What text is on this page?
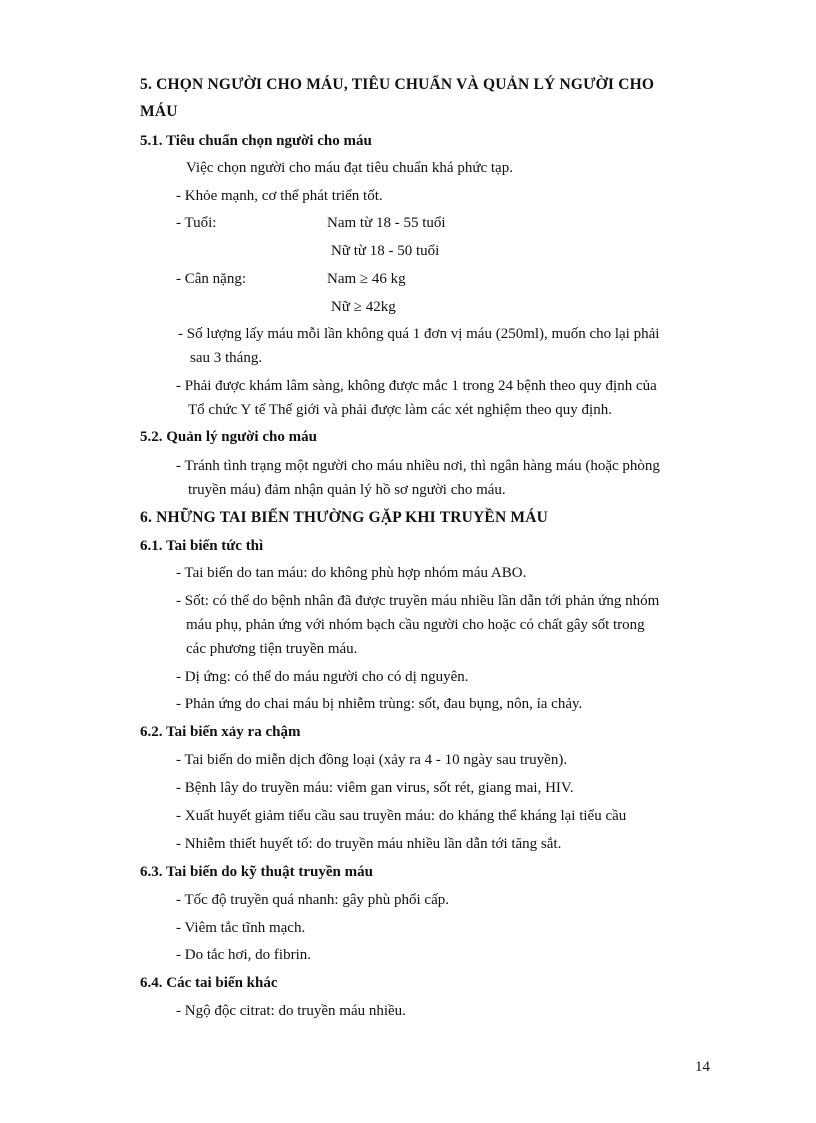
5. CHỌN NGƯỜI CHO MÁU, TIÊU CHUẨN VÀ QUẢN LÝ NGƯỜI CHO
MÁU
5.1. Tiêu chuẩn chọn người cho máu
Việc chọn người cho máu đạt tiêu chuẩn khá phức tạp.
- Khỏe mạnh, cơ thể phát triển tốt.
- Tuổi:	Nam từ 18 - 55 tuổi
Nữ từ 18 - 50 tuổi
- Cân nặng:	Nam ≥ 46 kg
Nữ ≥ 42kg
- Số lượng lấy máu mỗi lần không quá 1 đơn vị máu (250ml), muốn cho lại phải
sau 3 tháng.
- Phải được khám lâm sàng, không được mắc 1 trong 24 bệnh theo quy định của
Tổ chức Y tế Thế giới và phải được làm các xét nghiệm theo quy định.
5.2. Quản lý người cho máu
- Tránh tình trạng một người cho máu nhiều nơi, thì ngân hàng máu (hoặc phòng
truyền máu) đảm nhận quản lý hồ sơ người cho máu.
6. NHỮNG TAI BIẾN THƯỜNG GẶP KHI TRUYỀN MÁU
6.1. Tai biến tức thì
- Tai biến do tan máu: do không phù hợp nhóm máu ABO.
- Sốt: có thể do bệnh nhân đã được truyền máu nhiều lần dẫn tới phản ứng nhóm
máu phụ, phản ứng với nhóm bạch cầu người cho hoặc có chất gây sốt trong
các phương tiện truyền máu.
- Dị ứng: có thể do máu người cho có dị nguyên.
- Phản ứng do chai máu bị nhiễm trùng: sốt, đau bụng, nôn, ỉa chảy.
6.2. Tai biến xảy ra chậm
- Tai biến do miễn dịch đồng loại (xảy ra 4 - 10 ngày sau truyền).
- Bệnh lây do truyền máu: viêm gan virus, sốt rét, giang mai, HIV.
- Xuất huyết giảm tiểu cầu sau truyền máu: do kháng thể kháng lại tiểu cầu
- Nhiễm thiết huyết tố: do truyền máu nhiều lần dẫn tới tăng sắt.
6.3. Tai biến do kỹ thuật truyền máu
- Tốc độ truyền quá nhanh: gây phù phổi cấp.
- Viêm tắc tĩnh mạch.
- Do tắc hơi, do fibrin.
6.4. Các tai biến khác
- Ngộ độc citrat: do truyền máu nhiều.
14
